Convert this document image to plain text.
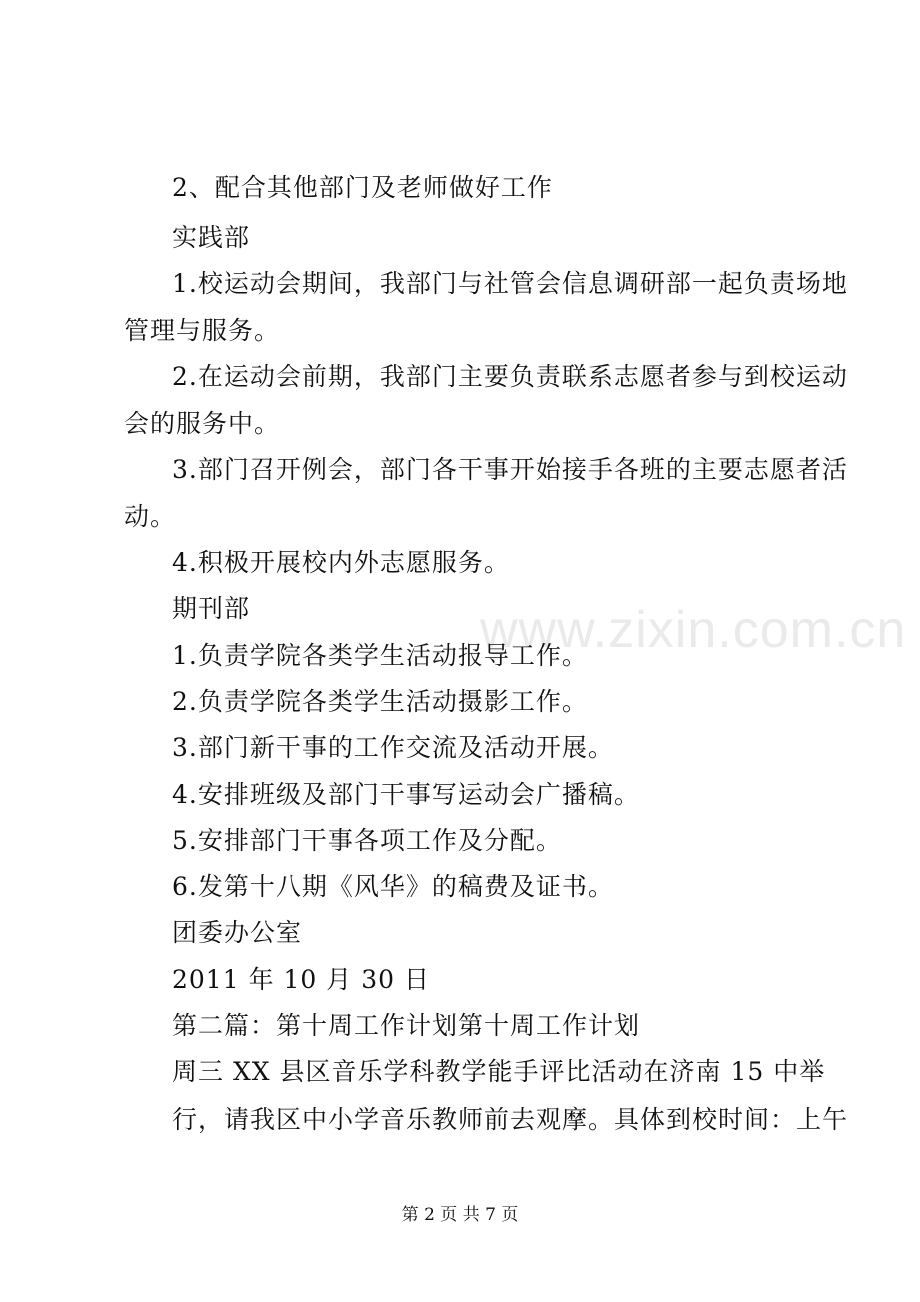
www.zixin.com.cn
2、配合其他部门及老师做好工作
实践部
1.校运动会期间，我部门与社管会信息调研部一起负责场地
管理与服务。
2.在运动会前期，我部门主要负责联系志愿者参与到校运动
会的服务中。
3.部门召开例会，部门各干事开始接手各班的主要志愿者活
动。
4.积极开展校内外志愿服务。
期刊部
1.负责学院各类学生活动报导工作。
2.负责学院各类学生活动摄影工作。
3.部门新干事的工作交流及活动开展。
4.安排班级及部门干事写运动会广播稿。
5.安排部门干事各项工作及分配。
6.发第十八期《风华》的稿费及证书。
团委办公室
2011 年 10 月 30 日
第二篇：第十周工作计划第十周工作计划
周三 XX 县区音乐学科教学能手评比活动在济南 15 中举
行，请我区中小学音乐教师前去观摩。具体到校时间：上午
第 2 页 共 7 页
